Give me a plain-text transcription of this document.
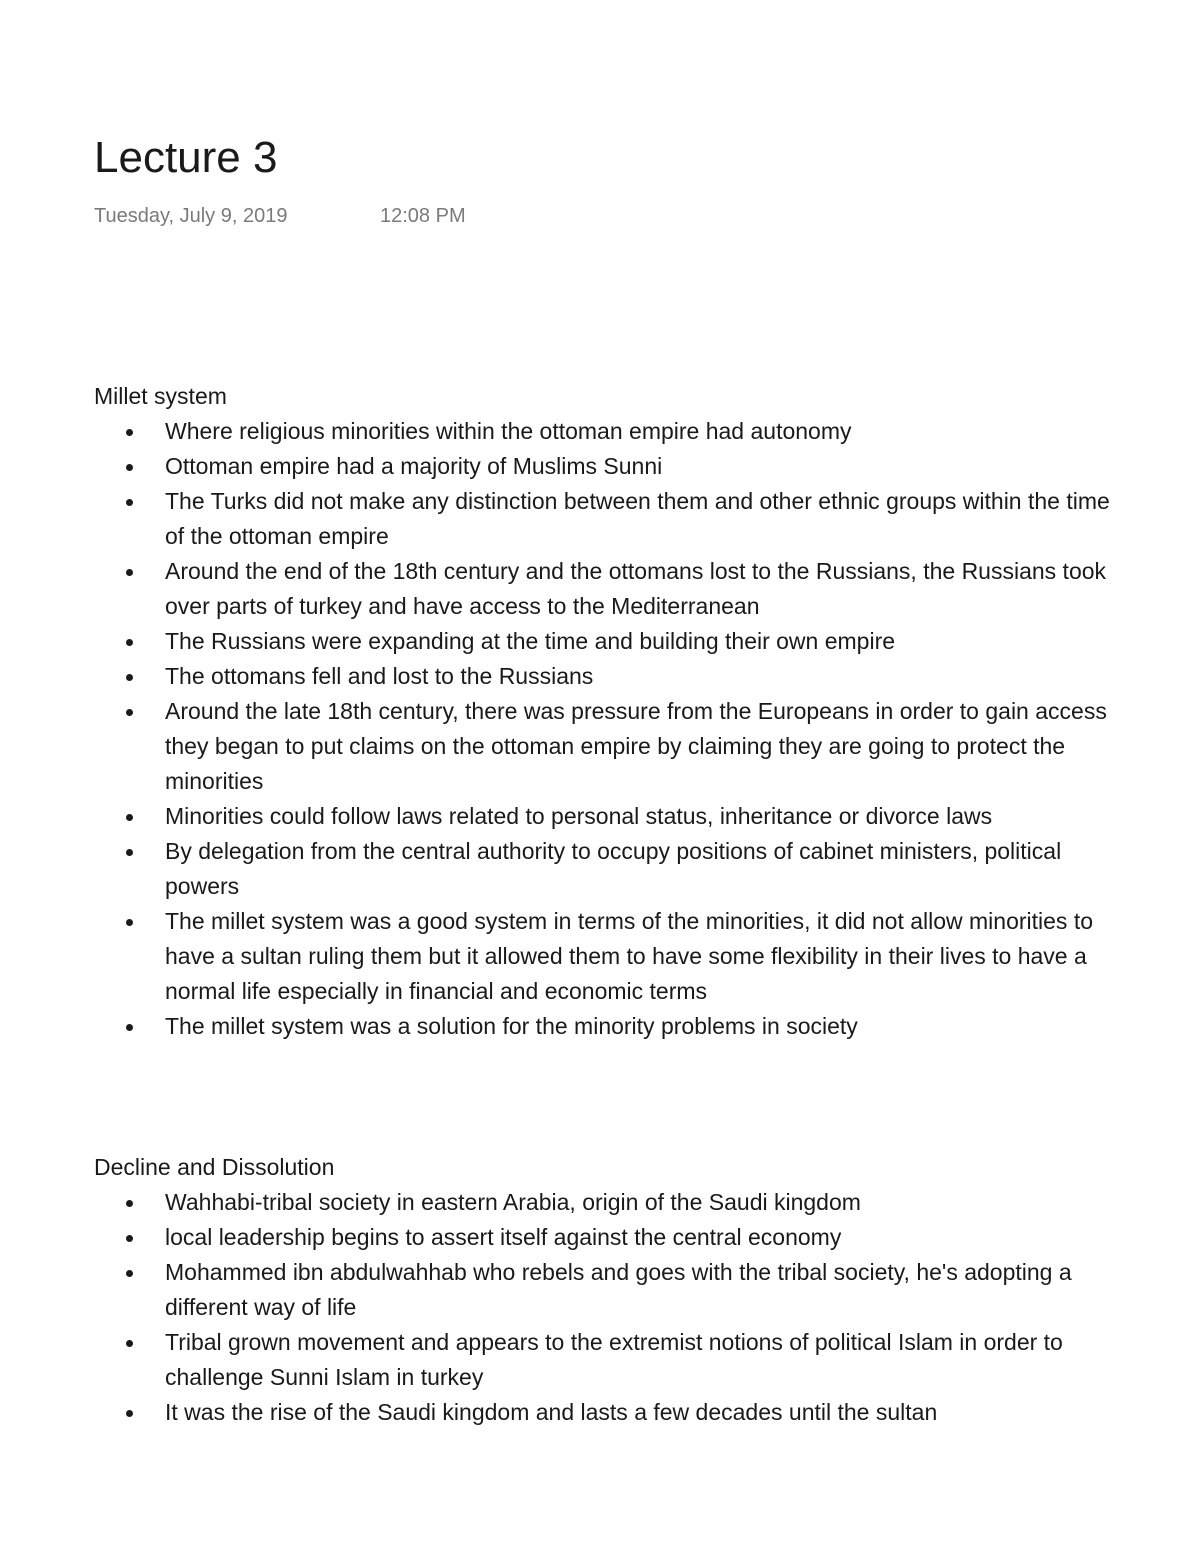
Lecture 3
Tuesday, July 9, 2019	12:08 PM
Millet system
Where religious minorities within the ottoman empire had autonomy
Ottoman empire had a majority of Muslims Sunni
The Turks did not make any distinction between them and other ethnic groups within the time of the ottoman empire
Around the end of the 18th century and the ottomans lost to the Russians, the Russians took over parts of turkey and have access to the Mediterranean
The Russians were expanding at the time and building their own empire
The ottomans fell and lost to the Russians
Around the late 18th century, there was pressure from the Europeans in order to gain access they began to put claims on the ottoman empire by claiming they are going to protect the minorities
Minorities could follow laws related to personal status, inheritance or divorce laws
By delegation from the central authority to occupy positions of cabinet ministers, political powers
The millet system was a good system in terms of the minorities, it did not allow minorities to have a sultan ruling them but it allowed them to have some flexibility in their lives to have a normal life especially in financial and economic terms
The millet system was a solution for the minority problems in society
Decline and Dissolution
Wahhabi-tribal society in eastern Arabia, origin of the Saudi kingdom
local leadership begins to assert itself against the central economy
Mohammed ibn abdulwahhab who rebels and goes with the tribal society, he's adopting a different way of life
Tribal grown movement and appears to the extremist notions of political Islam in order to challenge Sunni Islam in turkey
It was the rise of the Saudi kingdom and lasts a few decades until the sultan
